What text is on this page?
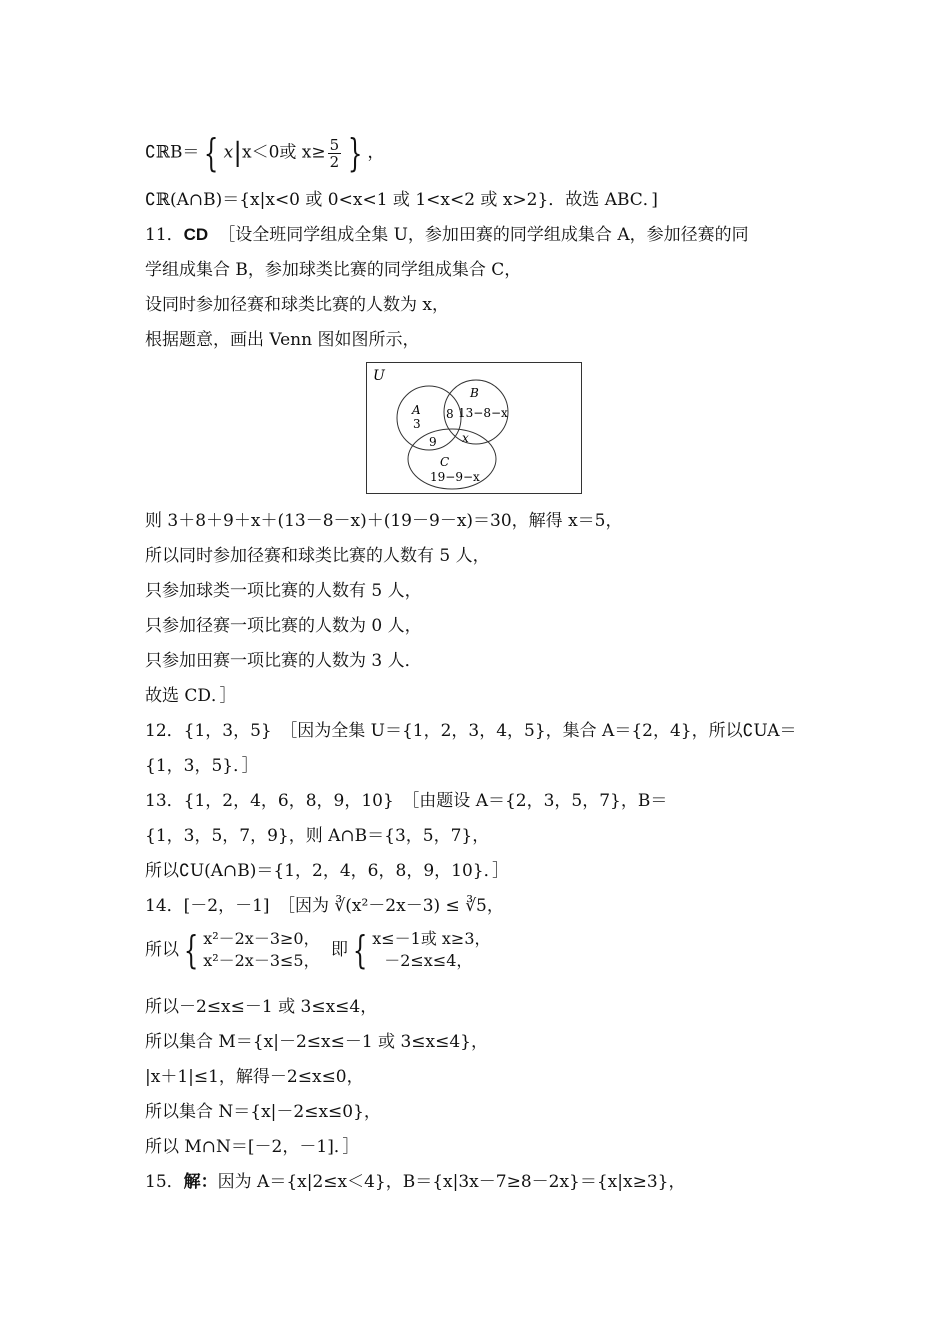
∁ℝB＝ { x|x＜0或 $x\ge \frac{5}{2}$ } ，
∁ℝ(A∩B)＝{x|x<0 或 0<x<1 或 1<x<2 或 x>2}．故选 ABC．]
11．CD ［设全班同学组成全集 U，参加田赛的同学组成集合 A，参加径赛的同
学组成集合 B，参加球类比赛的同学组成集合 C，
设同时参加径赛和球类比赛的人数为 x，
根据题意，画出 Venn 图如图所示，
U
A
3
8
B
13−8−x
9 x
C
19−9−x
则 3＋8＋9＋x＋(13－8－x)＋(19－9－x)＝30，解得 x＝5，
所以同时参加径赛和球类比赛的人数有 5 人，
只参加球类一项比赛的人数有 5 人，
只参加径赛一项比赛的人数为 0 人，
只参加田赛一项比赛的人数为 3 人．
故选 CD．］
12．{1，3，5}　［因为全集 U＝{1，2，3，4，5}，集合 A＝{2，4}，所以∁UA＝
{1，3，5}．］
13．{1，2，4，6，8，9，10}　［由题设 A＝{2，3，5，7}，B＝
{1，3，5，7，9}，则 A∩B＝{3，5，7}，
所以∁U(A∩B)＝{1，2，4，6，8，9，10}．］
14．[－2，－1]　［因为 ∛(x²－2x－3) ≤ ∛5，
所以 { x²－2x－3≥0，
x²－2x－3≤5，
即 { x≤－1或 x≥3，
－2≤x≤4，
所以－2≤x≤－1 或 3≤x≤4，
所以集合 M＝{x|－2≤x≤－1 或 3≤x≤4}，
|x＋1|≤1，解得－2≤x≤0，
所以集合 N＝{x|－2≤x≤0}，
所以 M∩N＝[－2，－1]．］
15．解：因为 A＝{x|2≤x＜4}，B＝{x|3x－7≥8－2x}＝{x|x≥3}，
